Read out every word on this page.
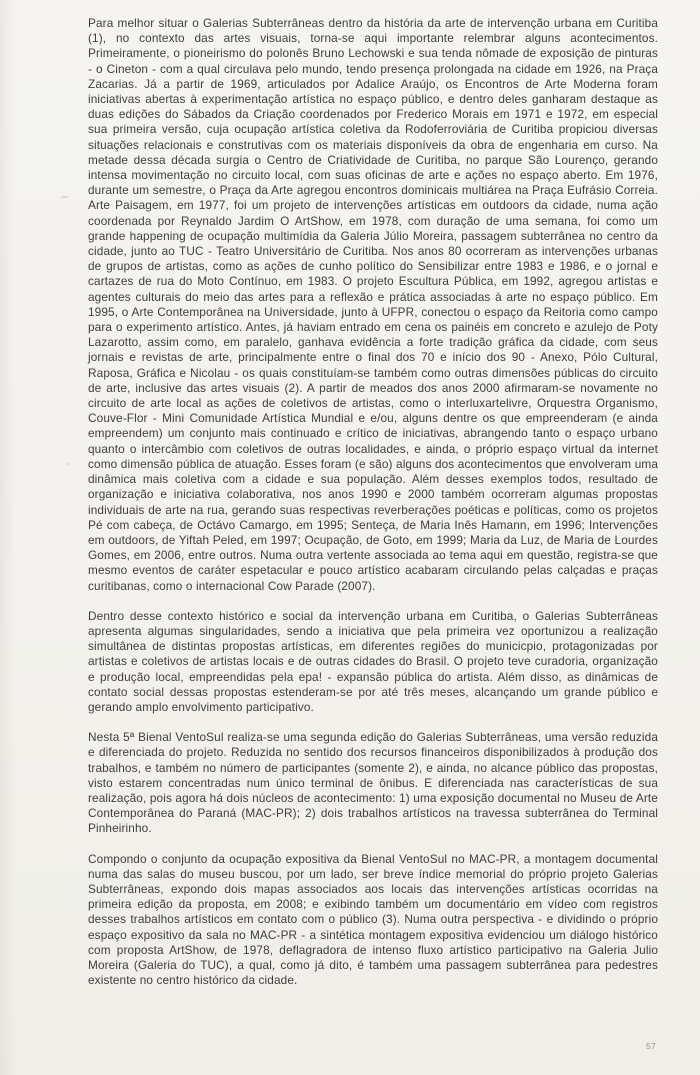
Para melhor situar o Galerias Subterrâneas dentro da história da arte de intervenção urbana em Curitiba (1), no contexto das artes visuais, torna-se aqui importante relembrar alguns acontecimentos. Primeiramente, o pioneirismo do polonês Bruno Lechowski e sua tenda nômade de exposição de pinturas - o Cineton - com a qual circulava pelo mundo, tendo presença prolongada na cidade em 1926, na Praça Zacarias. Já a partir de 1969, articulados por Adalice Araújo, os Encontros de Arte Moderna foram iniciativas abertas à experimentação artística no espaço público, e dentro deles ganharam destaque as duas edições do Sábados da Criação coordenados por Frederico Morais em 1971 e 1972, em especial sua primeira versão, cuja ocupação artística coletiva da Rodoferroviária de Curitiba propiciou diversas situações relacionais e construtivas com os materiais disponíveis da obra de engenharia em curso. Na metade dessa década surgia o Centro de Criatividade de Curitiba, no parque São Lourenço, gerando intensa movimentação no circuito local, com suas oficinas de arte e ações no espaço aberto. Em 1976, durante um semestre, o Praça da Arte agregou encontros dominicais multiárea na Praça Eufrásio Correia. Arte Paisagem, em 1977, foi um projeto de intervenções artísticas em outdoors da cidade, numa ação coordenada por Reynaldo Jardim O ArtShow, em 1978, com duração de uma semana, foi como um grande happening de ocupação multimídia da Galeria Júlio Moreira, passagem subterrânea no centro da cidade, junto ao TUC - Teatro Universitário de Curitiba. Nos anos 80 ocorreram as intervenções urbanas de grupos de artistas, como as ações de cunho político do Sensibilizar entre 1983 e 1986, e o jornal e cartazes de rua do Moto Contínuo, em 1983. O projeto Escultura Pública, em 1992, agregou artistas e agentes culturais do meio das artes para a reflexão e prática associadas à arte no espaço público. Em 1995, o Arte Contemporânea na Universidade, junto à UFPR, conectou o espaço da Reitoria como campo para o experimento artístico. Antes, já haviam entrado em cena os painéis em concreto e azulejo de Poty Lazarotto, assim como, em paralelo, ganhava evidência a forte tradição gráfica da cidade, com seus jornais e revistas de arte, principalmente entre o final dos 70 e início dos 90 - Anexo, Pólo Cultural, Raposa, Gráfica e Nicolau - os quais constituíam-se também como outras dimensões públicas do circuito de arte, inclusive das artes visuais (2). A partir de meados dos anos 2000 afirmaram-se novamente no circuito de arte local as ações de coletivos de artistas, como o interluxartelivre, Orquestra Organismo, Couve-Flor - Mini Comunidade Artística Mundial e e/ou, alguns dentre os que empreenderam (e ainda empreendem) um conjunto mais continuado e crítico de iniciativas, abrangendo tanto o espaço urbano quanto o intercâmbio com coletivos de outras localidades, e ainda, o próprio espaço virtual da internet como dimensão pública de atuação. Esses foram (e são) alguns dos acontecimentos que envolveram uma dinâmica mais coletiva com a cidade e sua população. Além desses exemplos todos, resultado de organização e iniciativa colaborativa, nos anos 1990 e 2000 também ocorreram algumas propostas individuais de arte na rua, gerando suas respectivas reverberações poéticas e políticas, como os projetos Pé com cabeça, de Octávo Camargo, em 1995; Senteça, de Maria Inês Hamann, em 1996; Intervenções em outdoors, de Yiftah Peled, em 1997; Ocupação, de Goto, em 1999; Maria da Luz, de Maria de Lourdes Gomes, em 2006, entre outros. Numa outra vertente associada ao tema aqui em questão, registra-se que mesmo eventos de caráter espetacular e pouco artístico acabaram circulando pelas calçadas e praças curitibanas, como o internacional Cow Parade (2007).

Dentro desse contexto histórico e social da intervenção urbana em Curitiba, o Galerias Subterrâneas apresenta algumas singularidades, sendo a iniciativa que pela primeira vez oportunizou a realização simultânea de distintas propostas artísticas, em diferentes regiões do municicpio, protagonizadas por artistas e coletivos de artistas locais e de outras cidades do Brasil. O projeto teve curadoria, organização e produção local, empreendidas pela epa! - expansão pública do artista. Além disso, as dinâmicas de contato social dessas propostas estenderam-se por até três meses, alcançando um grande público e gerando amplo envolvimento participativo.

Nesta 5ª Bienal VentoSul realiza-se uma segunda edição do Galerias Subterrâneas, uma versão reduzida e diferenciada do projeto. Reduzida no sentido dos recursos financeiros disponibilizados à produção dos trabalhos, e também no número de participantes (somente 2), e ainda, no alcance público das propostas, visto estarem concentradas num único terminal de ônibus. E diferenciada nas características de sua realização, pois agora há dois núcleos de acontecimento: 1) uma exposição documental no Museu de Arte Contemporânea do Paraná (MAC-PR); 2) dois trabalhos artísticos na travessa subterrânea do Terminal Pinheirinho.

Compondo o conjunto da ocupação expositiva da Bienal VentoSul no MAC-PR, a montagem documental numa das salas do museu buscou, por um lado, ser breve índice memorial do próprio projeto Galerias Subterrâneas, expondo dois mapas associados aos locais das intervenções artísticas ocorridas na primeira edição da proposta, em 2008; e exibindo também um documentário em vídeo com registros desses trabalhos artísticos em contato com o público (3). Numa outra perspectiva - e dividindo o próprio espaço expositivo da sala no MAC-PR - a sintética montagem expositiva evidenciou um diálogo histórico com proposta ArtShow, de 1978, deflagradora de intenso fluxo artístico participativo na Galeria Julio Moreira (Galeria do TUC), a qual, como já dito, é também uma passagem subterrânea para pedestres existente no centro histórico da cidade.

57
